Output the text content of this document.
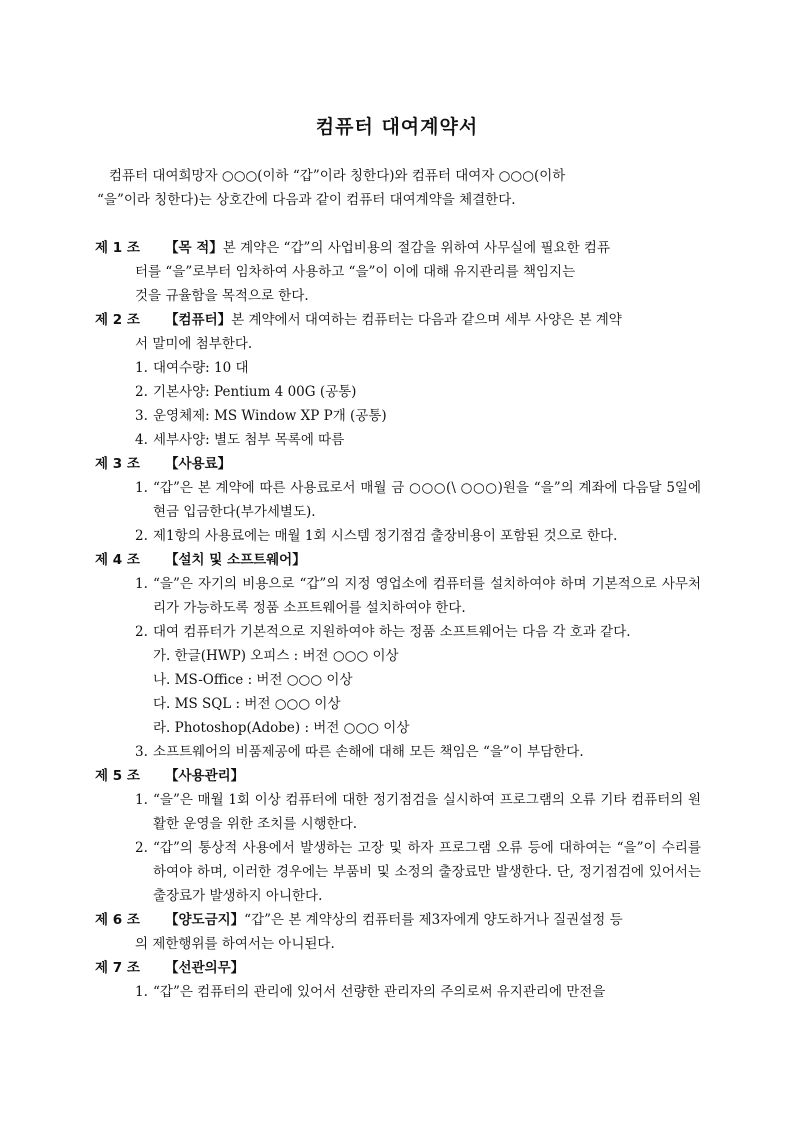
컴퓨터 대여계약서
컴퓨터 대여희망자 ○○○(이하 “갑”이라 칭한다)와 컴퓨터 대여자 ○○○(이하
“을”이라 칭한다)는 상호간에 다음과 같이 컴퓨터 대여계약을 체결한다.
제 1 조	【목 적】 본 계약은 “갑”의 사업비용의 절감을 위하여 사무실에 필요한 컴퓨
터를 “을”로부터 임차하여 사용하고 “을”이 이에 대해 유지관리를 책임지는
것을 규율함을 목적으로 한다.
제 2 조	【컴퓨터】 본 계약에서 대여하는 컴퓨터는 다음과 같으며 세부 사양은 본 계약
서 말미에 첨부한다.
1. 대여수량: 10 대
2. 기본사양: Pentium 4 00G (공통)
3. 운영체제: MS Window XP P개 (공통)
4. 세부사양: 별도 첨부 목록에 따름
제 3 조	【사용료】
1. “갑”은 본 계약에 따른 사용료로서 매월 금 ○○○(\ ○○○)원을 “을”의 계좌에 다음달 5일에 현금 입금한다(부가세별도).
2. 제1항의 사용료에는 매월 1회 시스템 정기점검 출장비용이 포함된 것으로 한다.
제 4 조	【설치 및 소프트웨어】
1. “을”은 자기의 비용으로 “갑”의 지정 영업소에 컴퓨터를 설치하여야 하며 기본적으로 사무처리가 가능하도록 정품 소프트웨어를 설치하여야 한다.
2. 대여 컴퓨터가 기본적으로 지원하여야 하는 정품 소프트웨어는 다음 각 호과 같다.
가. 한글(HWP) 오피스 : 버전 ○○○ 이상
나. MS-Office : 버전 ○○○ 이상
다. MS SQL : 버전 ○○○ 이상
라. Photoshop(Adobe) : 버전 ○○○ 이상
3. 소프트웨어의 비품제공에 따른 손해에 대해 모든 책임은 “을”이 부담한다.
제 5 조	【사용관리】
1. “을”은 매월 1회 이상 컴퓨터에 대한 정기점검을 실시하여 프로그램의 오류 기타 컴퓨터의 원활한 운영을 위한 조치를 시행한다.
2. “갑”의 통상적 사용에서 발생하는 고장 및 하자 프로그램 오류 등에 대하여는 “을”이 수리를 하여야 하며, 이러한 경우에는 부품비 및 소정의 출장료만 발생한다. 단, 정기점검에 있어서는 출장료가 발생하지 아니한다.
제 6 조	【양도금지】 “갑”은 본 계약상의 컴퓨터를 제3자에게 양도하거나 질권설정 등
의 제한행위를 하여서는 아니된다.
제 7 조	【선관의무】
1. “갑”은 컴퓨터의 관리에 있어서 선량한 관리자의 주의로써 유지관리에 만전을
